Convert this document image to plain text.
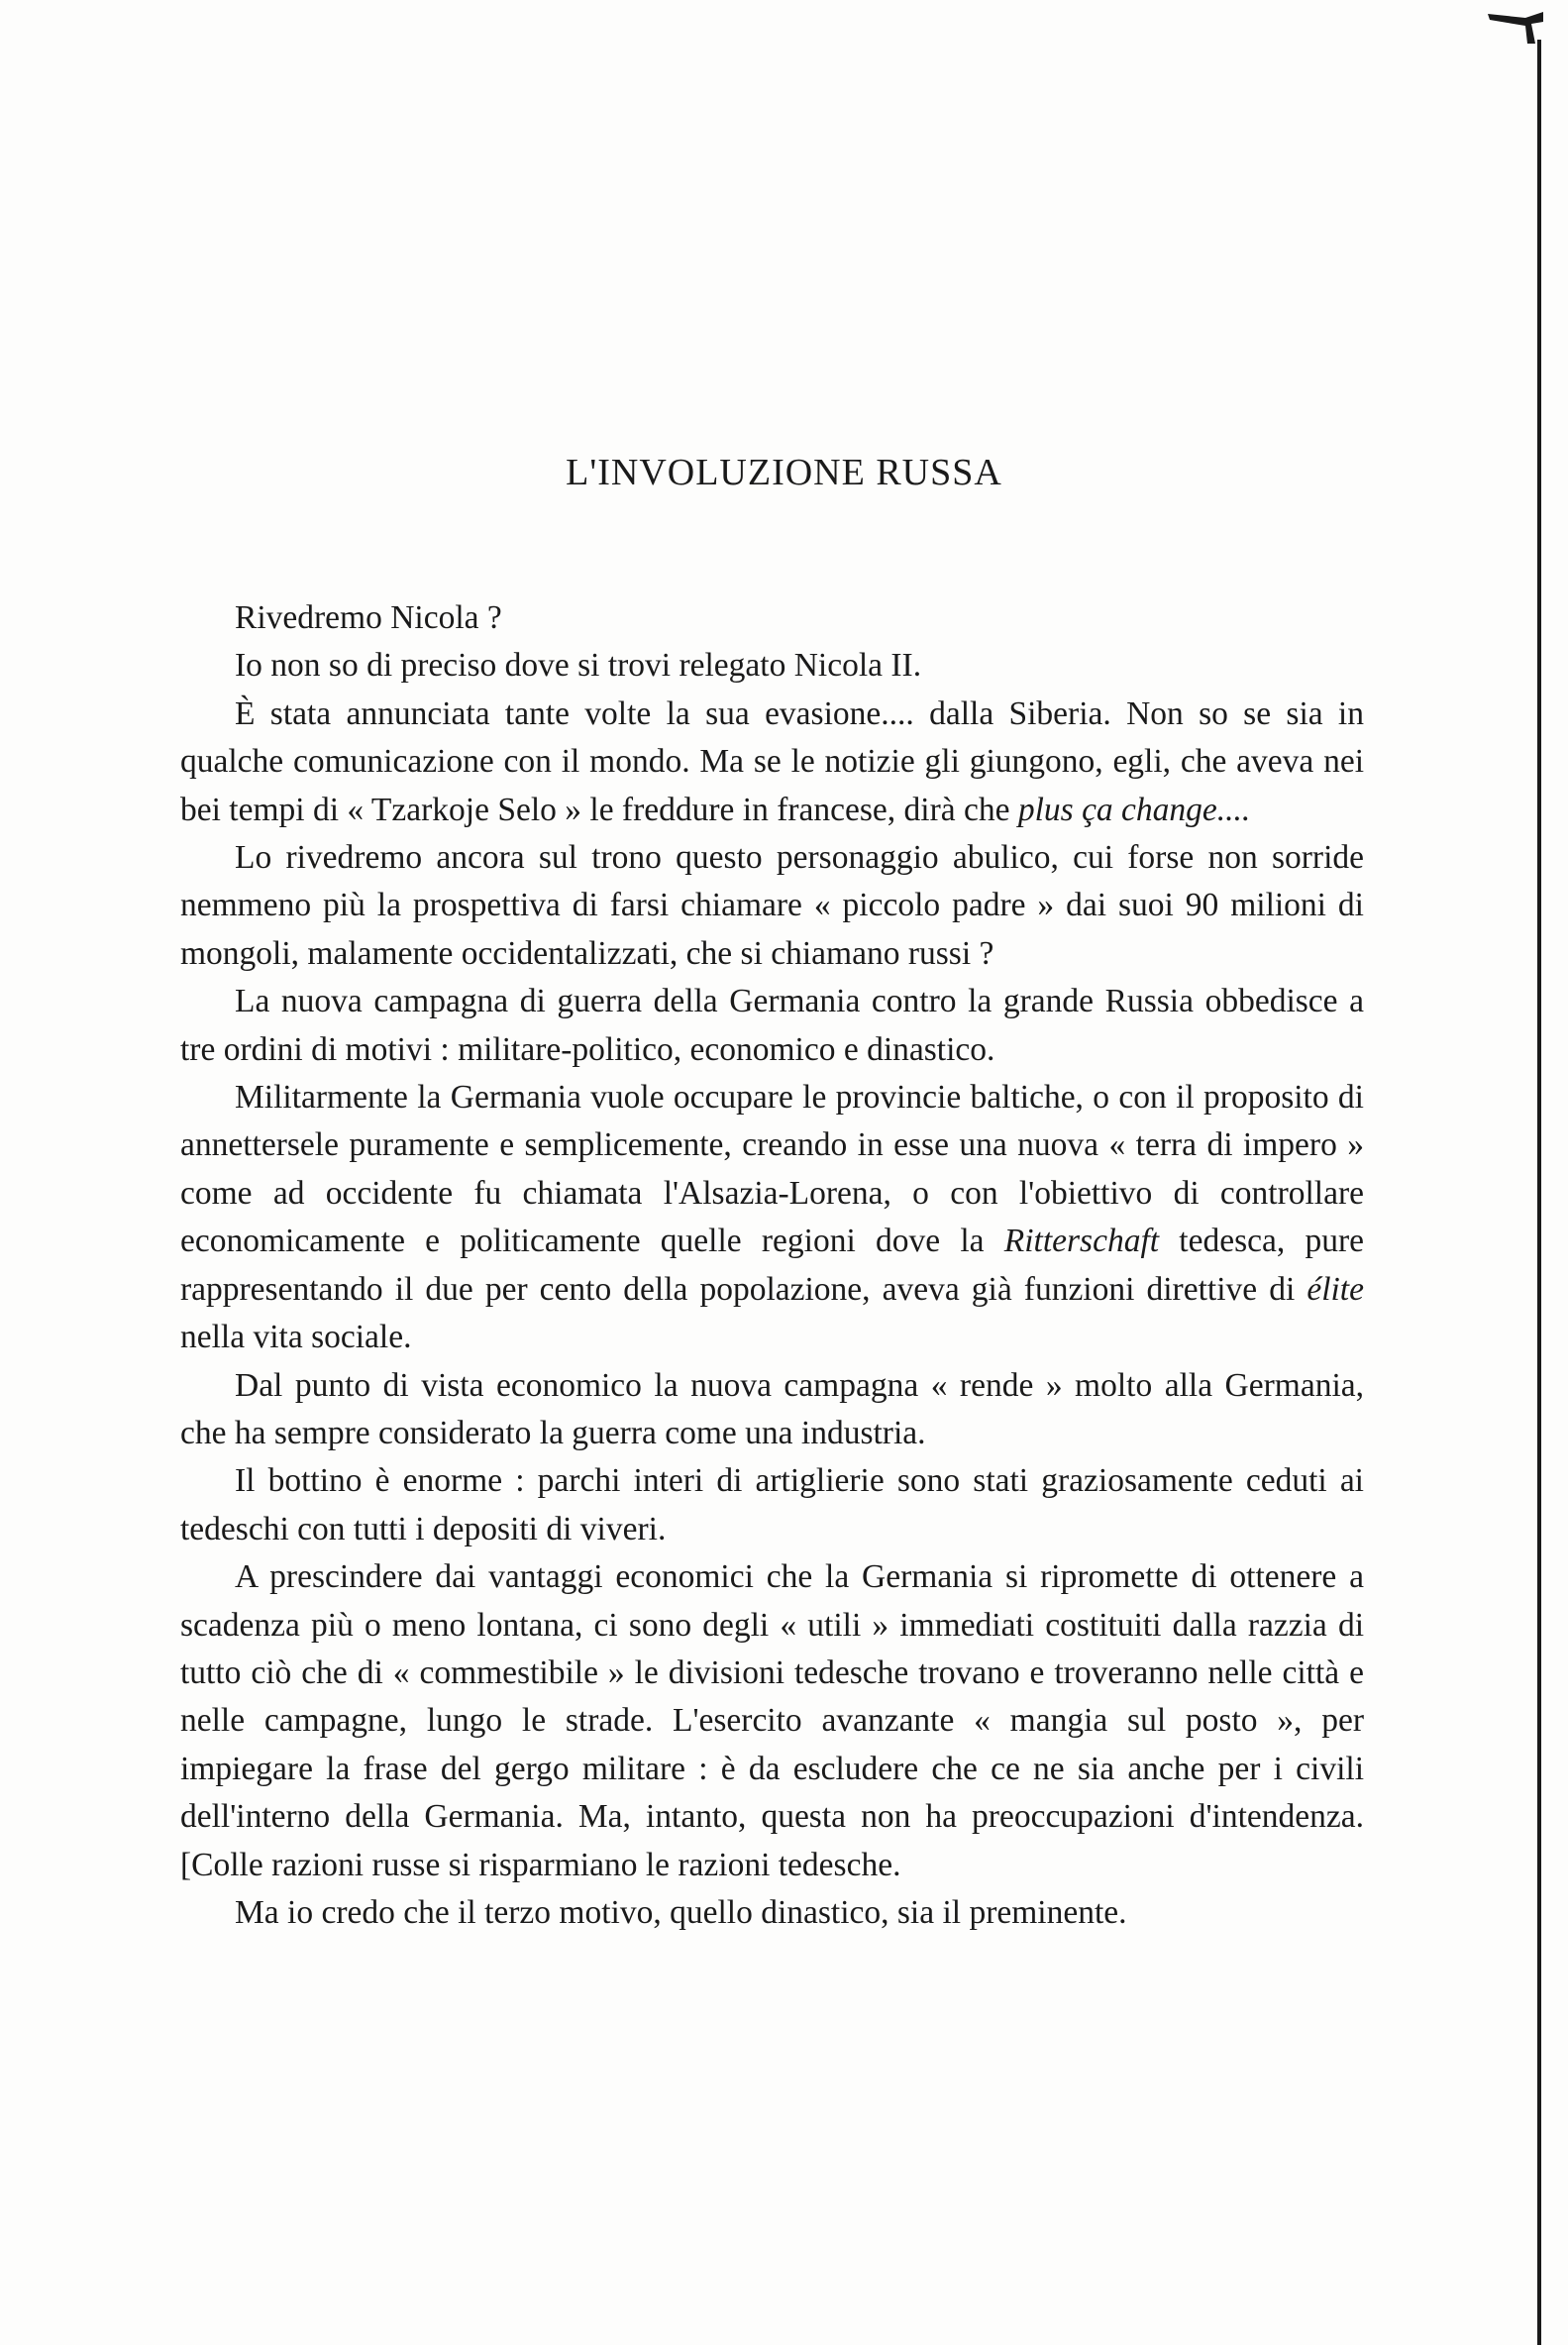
L'INVOLUZIONE RUSSA

Rivedremo Nicola ?

Io non so di preciso dove si trovi relegato Nicola II.

È stata annunciata tante volte la sua evasione.... dalla Siberia. Non so se sia in qualche comunicazione con il mondo. Ma se le notizie gli giungono, egli, che aveva nei bei tempi di « Tzarkoje Selo » le freddure in francese, dirà che plus ça change....

Lo rivedremo ancora sul trono questo personaggio abulico, cui forse non sorride nemmeno più la prospettiva di farsi chiamare « piccolo padre » dai suoi 90 milioni di mongoli, malamente occidentalizzati, che si chiamano russi ?

La nuova campagna di guerra della Germania contro la grande Russia obbedisce a tre ordini di motivi : militare-politico, economico e dinastico.

Militarmente la Germania vuole occupare le provincie baltiche, o con il proposito di annettersele puramente e semplicemente, creando in esse una nuova « terra di impero » come ad occidente fu chiamata l'Alsazia-Lorena, o con l'obiettivo di controllare economicamente e politicamente quelle regioni dove la Ritterschaft tedesca, pure rappresentando il due per cento della popolazione, aveva già funzioni direttive di élite nella vita sociale.

Dal punto di vista economico la nuova campagna « rende » molto alla Germania, che ha sempre considerato la guerra come una industria.

Il bottino è enorme : parchi interi di artiglierie sono stati graziosamente ceduti ai tedeschi con tutti i depositi di viveri.

A prescindere dai vantaggi economici che la Germania si ripromette di ottenere a scadenza più o meno lontana, ci sono degli « utili » immediati costituiti dalla razzia di tutto ciò che di « commestibile » le divisioni tedesche trovano e troveranno nelle città e nelle campagne, lungo le strade. L'esercito avanzante « mangia sul posto », per impiegare la frase del gergo militare : è da escludere che ce ne sia anche per i civili dell'interno della Germania. Ma, intanto, questa non ha preoccupazioni d'intendenza. [Colle razioni russe si risparmiano le razioni tedesche.

Ma io credo che il terzo motivo, quello dinastico, sia il preminente.
